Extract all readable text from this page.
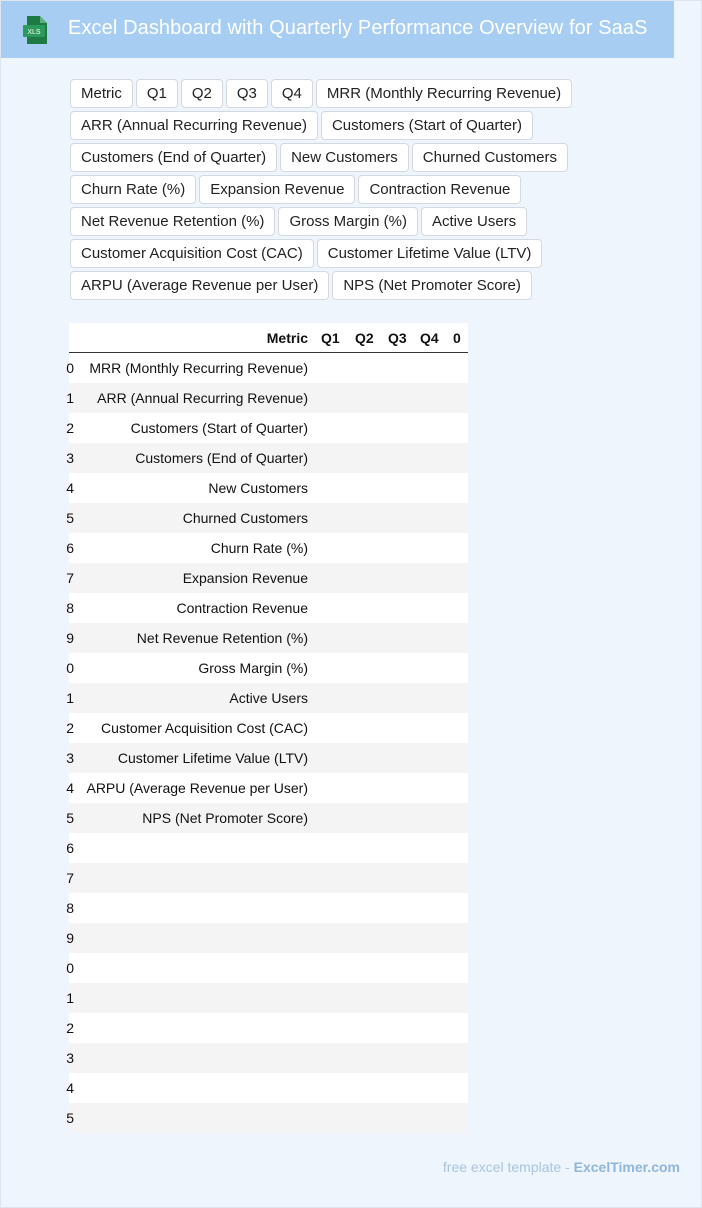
XLS Excel Dashboard with Quarterly Performance Overview for SaaS
Metric	Q1	Q2	Q3	Q4	MRR (Monthly Recurring Revenue)
ARR (Annual Recurring Revenue)	Customers (Start of Quarter)
Customers (End of Quarter)	New Customers	Churned Customers
Churn Rate (%)	Expansion Revenue	Contraction Revenue
Net Revenue Retention (%)	Gross Margin (%)	Active Users
Customer Acquisition Cost (CAC)	Customer Lifetime Value (LTV)
ARPU (Average Revenue per User)	NPS (Net Promoter Score)
Metric Q1 Q2 Q3 Q4 0
0 MRR (Monthly Recurring Revenue)
1 ARR (Annual Recurring Revenue)
2	Customers (Start of Quarter)
3	Customers (End of Quarter)
4	New Customers
5	Churned Customers
6	Churn Rate (%)
7	Expansion Revenue
8	Contraction Revenue
9	Net Revenue Retention (%)
0	Gross Margin (%)
1	Active Users
2 Customer Acquisition Cost (CAC)
3	Customer Lifetime Value (LTV)
4 ARPU (Average Revenue per User)
5	NPS (Net Promoter Score)
6
7
8
9
0
1
2
3
4
5
free excel template - ExcelTimer.com
